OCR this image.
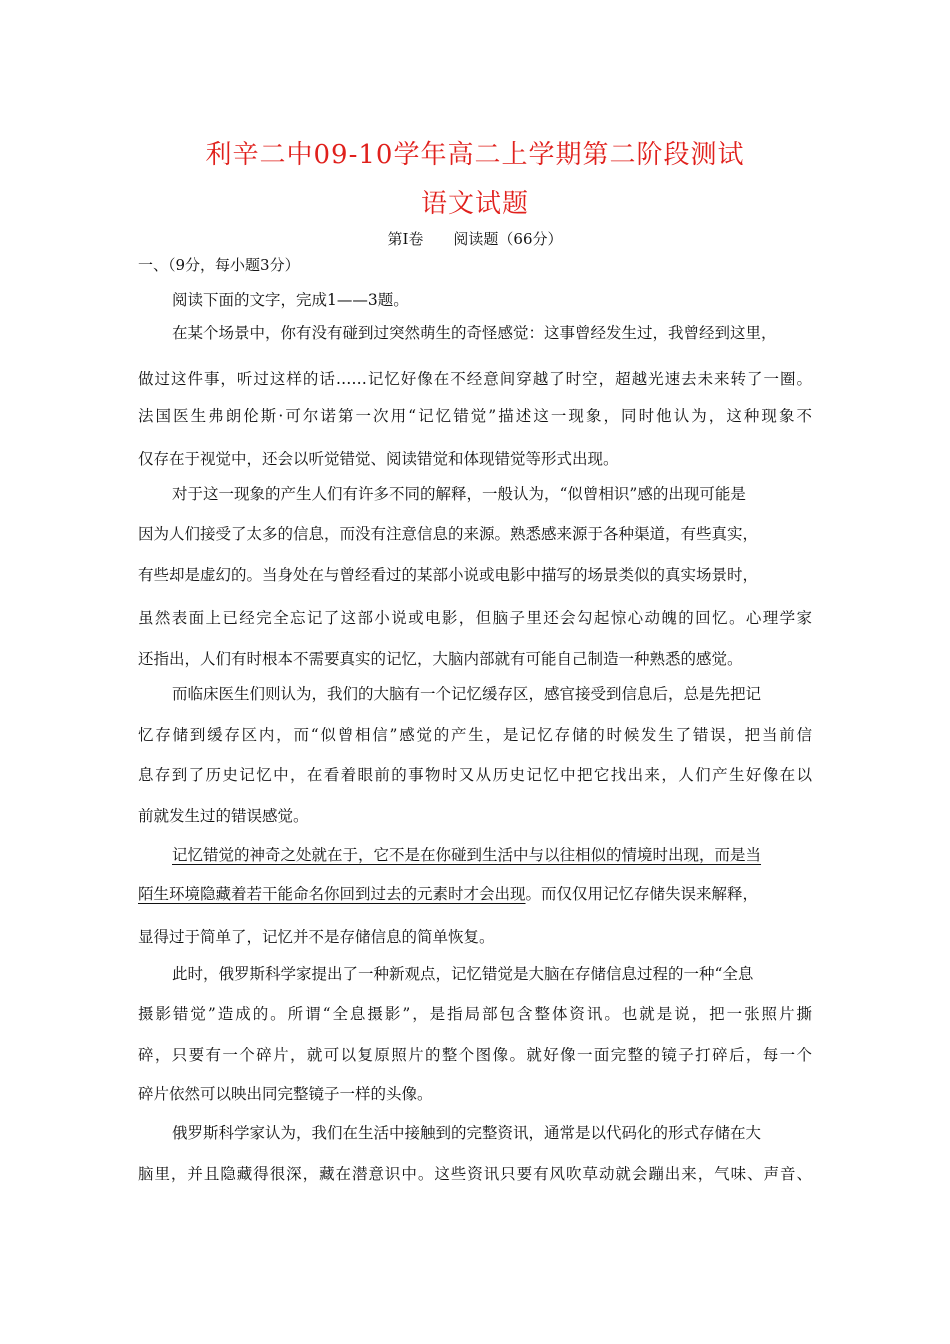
利辛二中09-10学年高二上学期第二阶段测试
语文试题
第Ⅰ卷 阅读题（66分）
一、（9分，每小题3分）
阅读下面的文字，完成1——3题。
在某个场景中，你有没有碰到过突然萌生的奇怪感觉：这事曾经发生过，我曾经到这里，
做过这件事，听过这样的话……记忆好像在不经意间穿越了时空，超越光速去未来转了一圈。
法国医生弗朗伦斯·可尔诺第一次用“记忆错觉”描述这一现象，同时他认为，这种现象不
仅存在于视觉中，还会以听觉错觉、阅读错觉和体现错觉等形式出现。
对于这一现象的产生人们有许多不同的解释，一般认为，“似曾相识”感的出现可能是
因为人们接受了太多的信息，而没有注意信息的来源。熟悉感来源于各种渠道，有些真实，
有些却是虚幻的。当身处在与曾经看过的某部小说或电影中描写的场景类似的真实场景时，
虽然表面上已经完全忘记了这部小说或电影，但脑子里还会勾起惊心动魄的回忆。心理学家
还指出，人们有时根本不需要真实的记忆，大脑内部就有可能自己制造一种熟悉的感觉。
而临床医生们则认为，我们的大脑有一个记忆缓存区，感官接受到信息后，总是先把记
忆存储到缓存区内，而“似曾相信”感觉的产生，是记忆存储的时候发生了错误，把当前信
息存到了历史记忆中，在看着眼前的事物时又从历史记忆中把它找出来，人们产生好像在以
前就发生过的错误感觉。
记忆错觉的神奇之处就在于，它不是在你碰到生活中与以往相似的情境时出现，而是当
陌生环境隐藏着若干能命名你回到过去的元素时才会出现。而仅仅用记忆存储失误来解释，
显得过于简单了，记忆并不是存储信息的简单恢复。
此时，俄罗斯科学家提出了一种新观点，记忆错觉是大脑在存储信息过程的一种“全息
摄影错觉”造成的。所谓“全息摄影”，是指局部包含整体资讯。也就是说，把一张照片撕
碎，只要有一个碎片，就可以复原照片的整个图像。就好像一面完整的镜子打碎后，每一个
碎片依然可以映出同完整镜子一样的头像。
俄罗斯科学家认为，我们在生活中接触到的完整资讯，通常是以代码化的形式存储在大
脑里，并且隐藏得很深，藏在潜意识中。这些资讯只要有风吹草动就会蹦出来，气味、声音、
